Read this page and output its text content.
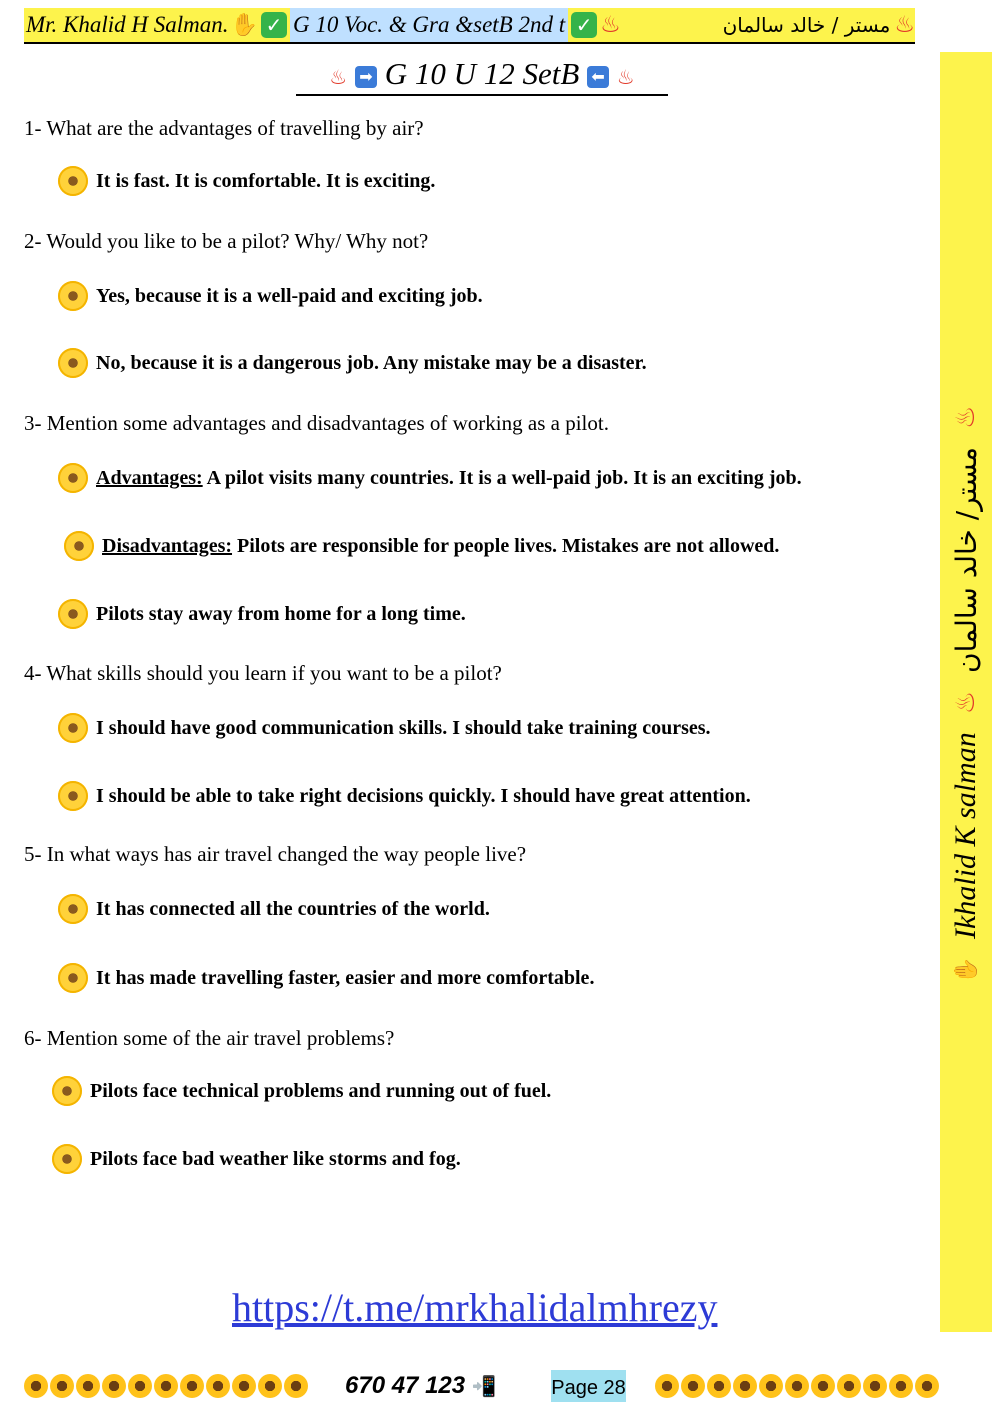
Mr. Khalid H Salman. ✋ ✓ G 10 Voc. & Gra &setB 2nd t ✓ ♨	مستر / خالد سالمان ♨
✋
Ikhalid K salman
♨
مستر/ خالد سالمان
♨
♨ ➡ G 10 U 12 SetB ⬅ ♨
1- What are the advantages of travelling by air?
It is fast. It is comfortable. It is exciting.
2- Would you like to be a pilot? Why/ Why not?
Yes, because it is a well-paid and exciting job.
No, because it is a dangerous job. Any mistake may be a disaster.
3- Mention some advantages and disadvantages of working as a pilot.
Advantages: A pilot visits many countries. It is a well-paid job. It is an exciting job.
Disadvantages: Pilots are responsible for people lives. Mistakes are not allowed.
Pilots stay away from home for a long time.
4- What skills should you learn if you want to be a pilot?
I should have good communication skills. I should take training courses.
I should be able to take right decisions quickly. I should have great attention.
5- In what ways has air travel changed the way people live?
It has connected all the countries of the world.
It has made travelling faster, easier and more comfortable.
6- Mention some of the air travel problems?
Pilots face technical problems and running out of fuel.
Pilots face bad weather like storms and fog.
https://t.me/mrkhalidalmhrezy
670 47 123 📲	Page 28
